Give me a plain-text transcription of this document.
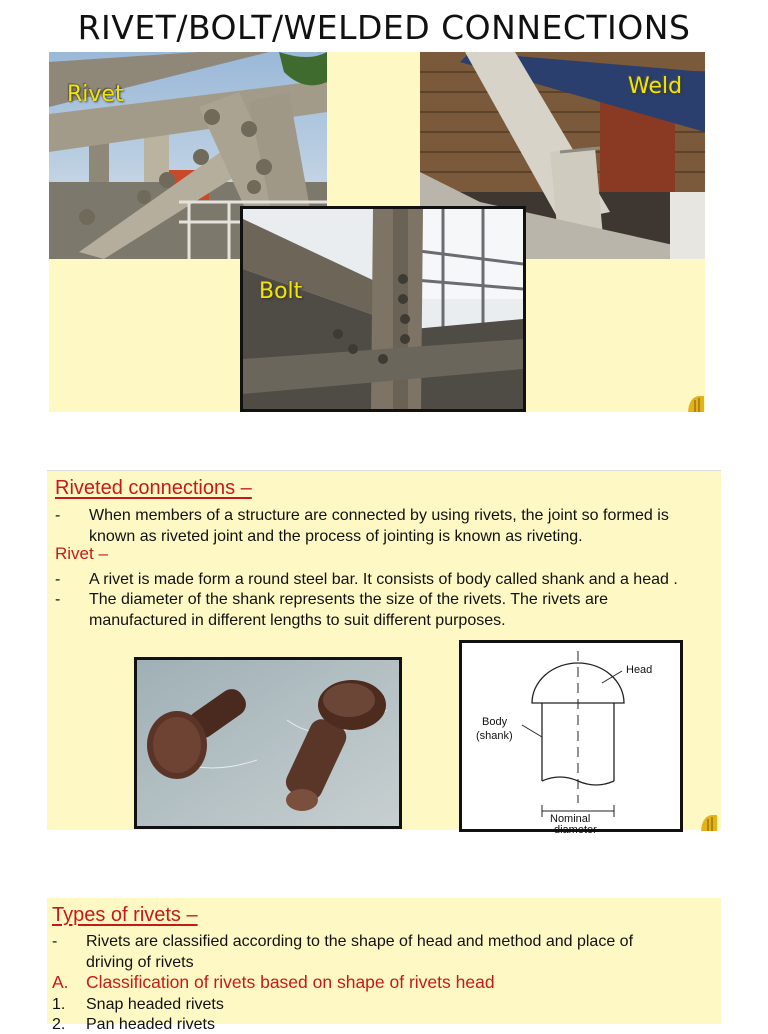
RIVET/BOLT/WELDED CONNECTIONS
Rivet	Weld
Bolt
Riveted connections –
- When members of a structure are connected by using rivets, the joint so formed is
known as riveted joint and the process of jointing is known as riveting.
Rivet –
- A rivet is made form a round steel bar. It consists of body called shank and a head .
- The diameter of the shank represents the size of the rivets. The rivets are
manufactured in different lengths to suit different purposes.
Head
Body
(shank)
Nominal
diameter
Types of rivets –
- Rivets are classified according to the shape of head and method and place of
driving of rivets
A. Classification of rivets based on shape of rivets head
1. Snap headed rivets
2. Pan headed rivets
